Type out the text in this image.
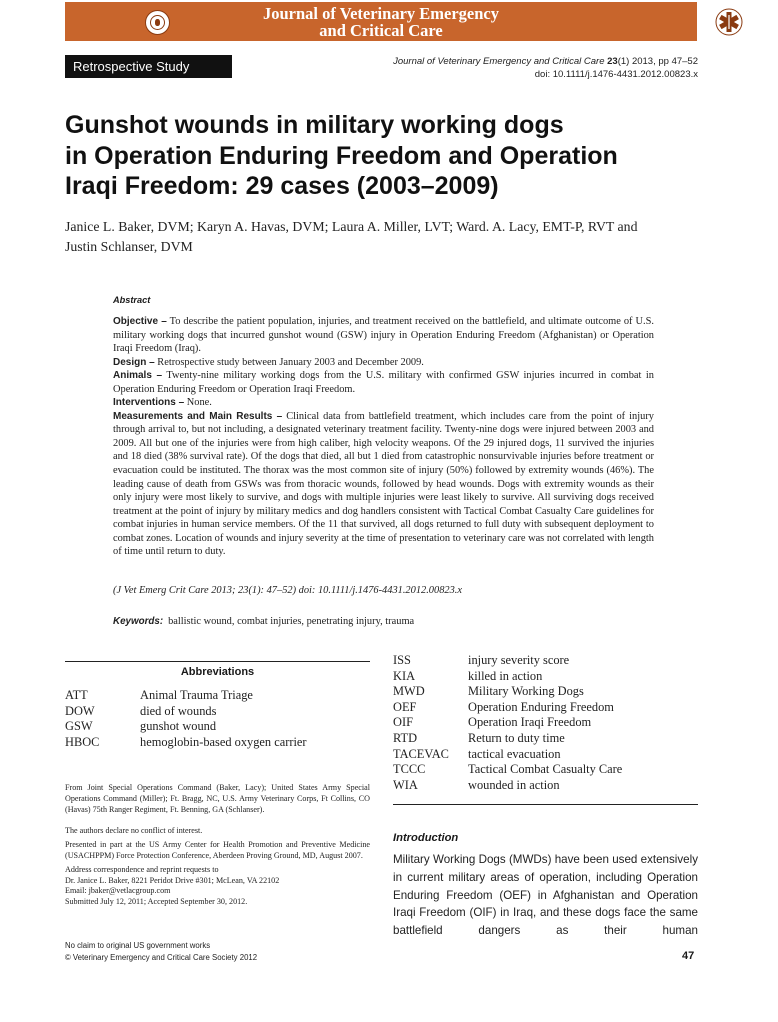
Journal of Veterinary Emergency
and Critical Care
Retrospective Study	Journal of Veterinary Emergency and Critical Care 23(1) 2013, pp 47–52
doi: 10.1111/j.1476-4431.2012.00823.x
Gunshot wounds in military working dogs
in Operation Enduring Freedom and Operation
Iraqi Freedom: 29 cases (2003–2009)
Janice L. Baker, DVM; Karyn A. Havas, DVM; Laura A. Miller, LVT; Ward. A. Lacy, EMT-P, RVT and
Justin Schlanser, DVM
Abstract

Objective – To describe the patient population, injuries, and treatment received on the battlefield, and ultimate outcome of U.S. military working dogs that incurred gunshot wound (GSW) injury in Operation Enduring Freedom (Afghanistan) or Operation Iraqi Freedom (Iraq).

Design – Retrospective study between January 2003 and December 2009.

Animals – Twenty-nine military working dogs from the U.S. military with confirmed GSW injuries incurred in combat in Operation Enduring Freedom or Operation Iraqi Freedom.

Interventions – None.

Measurements and Main Results – Clinical data from battlefield treatment, which includes care from the point of injury through arrival to, but not including, a designated veterinary treatment facility. Twenty-nine dogs were injured between 2003 and 2009. All but one of the injuries were from high caliber, high velocity weapons. Of the 29 injured dogs, 11 survived the injuries and 18 died (38% survival rate). Of the dogs that died, all but 1 died from catastrophic nonsurvivable injuries before treatment or evacuation could be instituted. The thorax was the most common site of injury (50%) followed by extremity wounds (46%). The leading cause of death from GSWs was from thoracic wounds, followed by head wounds. Dogs with extremity wounds as their only injury were most likely to survive, and dogs with multiple injuries were least likely to survive. All surviving dogs received treatment at the point of injury by military medics and dog handlers consistent with Tactical Combat Casualty Care guidelines for combat injuries in human service members. Of the 11 that survived, all dogs returned to full duty with subsequent deployment to combat zones. Location of wounds and injury severity at the time of presentation to veterinary care was not correlated with length of time until return to duty.

(J Vet Emerg Crit Care 2013; 23(1): 47–52) doi: 10.1111/j.1476-4431.2012.00823.x
Keywords: ballistic wound, combat injuries, penetrating injury, trauma
Abbreviations
ATT	Animal Trauma Triage
DOW	died of wounds
GSW	gunshot wound
HBOC	hemoglobin-based oxygen carrier
ISS	injury severity score
KIA	killed in action
MWD	Military Working Dogs
OEF	Operation Enduring Freedom
OIF	Operation Iraqi Freedom
RTD	Return to duty time
TACEVAC	tactical evacuation
TCCC	Tactical Combat Casualty Care
WIA	wounded in action

From Joint Special Operations Command (Baker, Lacy); United States Army Special Operations Command (Miller); Ft. Bragg, NC, U.S. Army Veterinary Corps, Ft Collins, CO (Havas) 75th Ranger Regiment, Ft. Benning, GA (Schlanser).

The authors declare no conflict of interest.

Presented in part at the US Army Center for Health Promotion and Preventive Medicine (USACHPPM) Force Protection Conference, Aberdeen Proving Ground, MD, August 2007.

Address correspondence and reprint requests to

Dr. Janice L. Baker, 8221 Peridot Drive #301; McLean, VA 22102

Email: jbaker@vetlacgroup.com

Submitted July 12, 2011; Accepted September 30, 2012.

Introduction
Military Working Dogs (MWDs) have been used extensively in current military areas of operation, including Operation Enduring Freedom (OEF) in Afghanistan and Operation Iraqi Freedom (OIF) in Iraq, and these dogs face the same battlefield dangers as their human
No claim to original US government works
© Veterinary Emergency and Critical Care Society 2012	47
